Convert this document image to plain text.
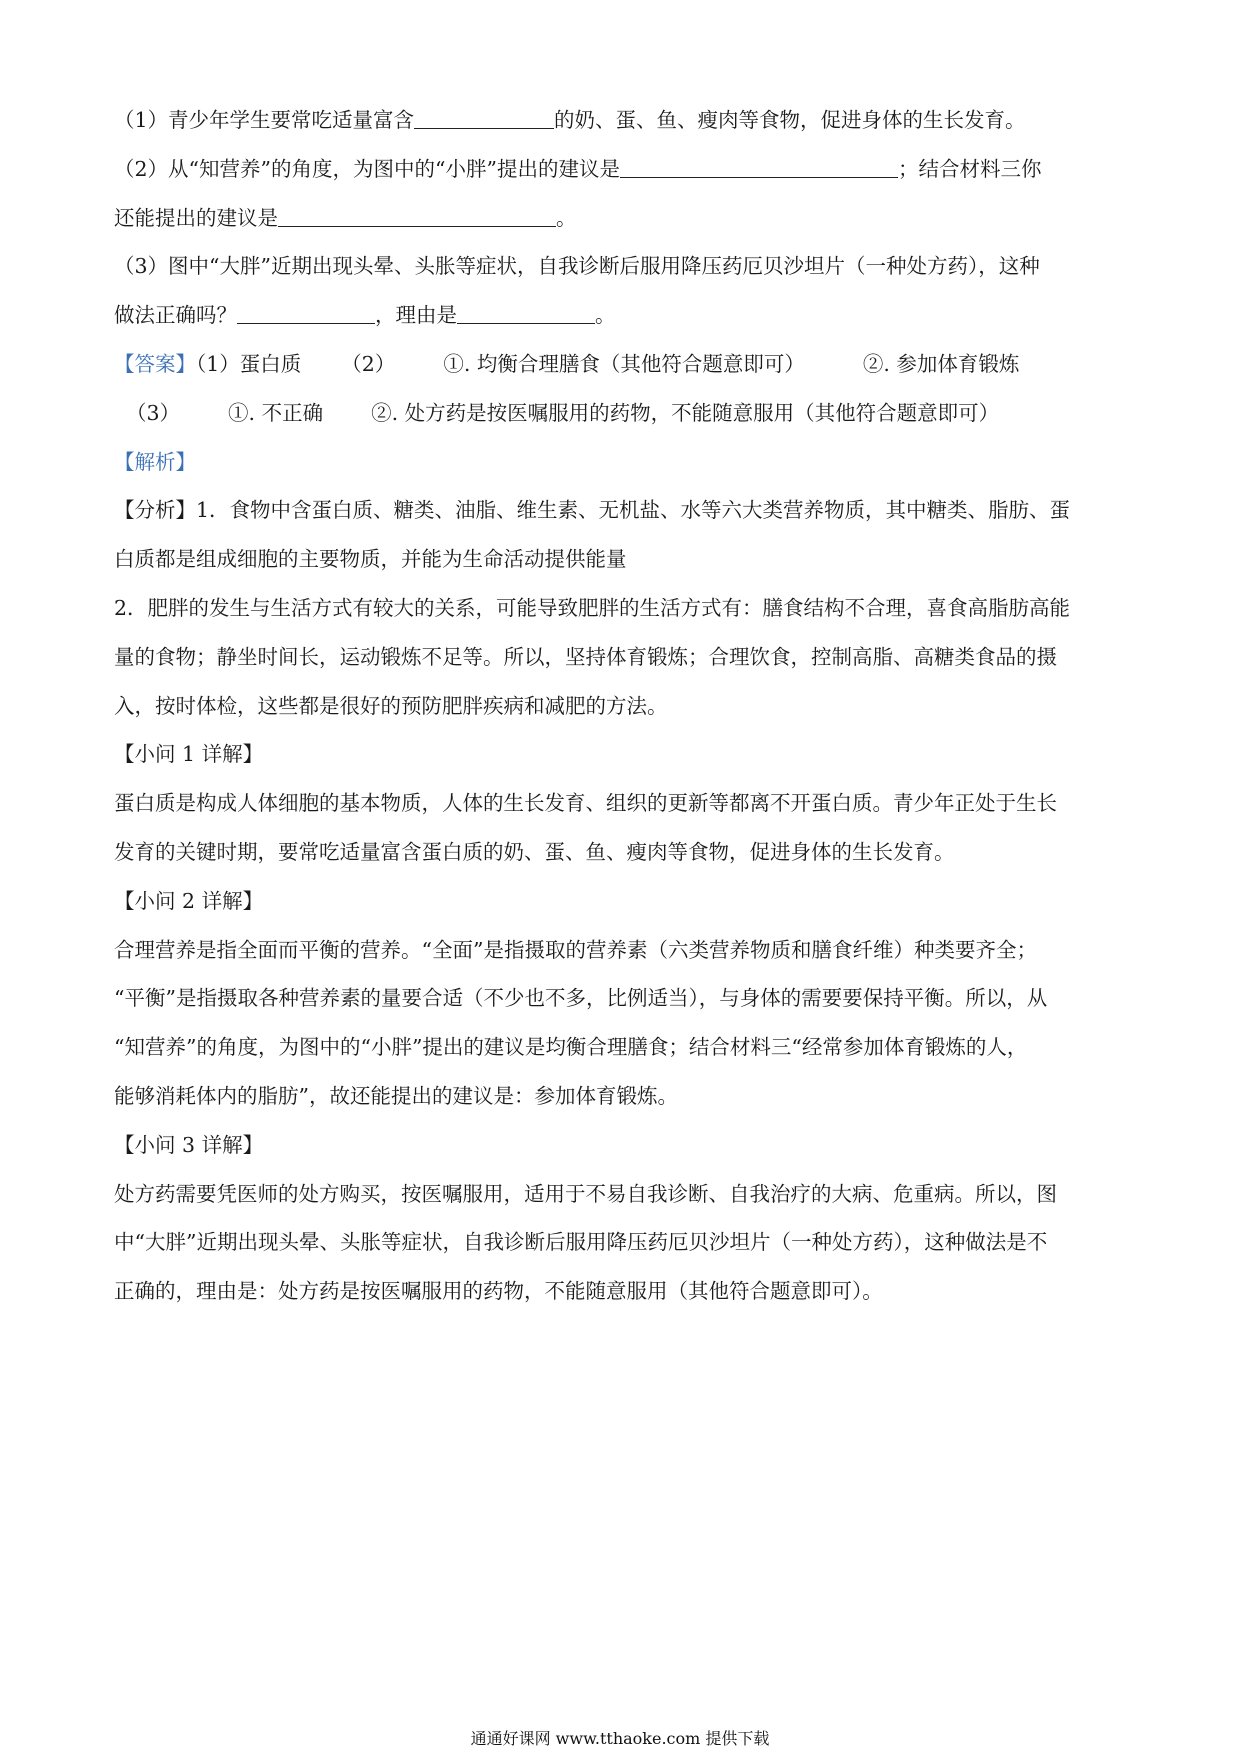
（1）青少年学生要常吃适量富含	的奶、蛋、鱼、瘦肉等食物，促进身体的生长发育。
（2）从“知营养”的角度，为图中的“小胖”提出的建议是	；结合材料三你
还能提出的建议是	。
（3）图中“大胖”近期出现头晕、头胀等症状，自我诊断后服用降压药厄贝沙坦片（一种处方药），这种
做法正确吗？	，理由是	。
【答案】（1）蛋白质 （2） ①. 均衡合理膳食（其他符合题意即可）	②. 参加体育锻炼
（3） ①. 不正确 ②. 处方药是按医嘱服用的药物，不能随意服用（其他符合题意即可）
【解析】
【分析】1．食物中含蛋白质、糖类、油脂、维生素、无机盐、水等六大类营养物质，其中糖类、脂肪、蛋
白质都是组成细胞的主要物质，并能为生命活动提供能量
2．肥胖的发生与生活方式有较大的关系，可能导致肥胖的生活方式有：膳食结构不合理，喜食高脂肪高能
量的食物；静坐时间长，运动锻炼不足等。所以，坚持体育锻炼；合理饮食，控制高脂、高糖类食品的摄
入，按时体检，这些都是很好的预防肥胖疾病和减肥的方法。
【小问 1 详解】
蛋白质是构成人体细胞的基本物质，人体的生长发育、组织的更新等都离不开蛋白质。青少年正处于生长
发育的关键时期，要常吃适量富含蛋白质的奶、蛋、鱼、瘦肉等食物，促进身体的生长发育。
【小问 2 详解】
合理营养是指全面而平衡的营养。“全面”是指摄取的营养素（六类营养物质和膳食纤维）种类要齐全；
“平衡”是指摄取各种营养素的量要合适（不少也不多，比例适当），与身体的需要要保持平衡。所以，从
“知营养”的角度，为图中的“小胖”提出的建议是均衡合理膳食；结合材料三“经常参加体育锻炼的人，
能够消耗体内的脂肪”，故还能提出的建议是：参加体育锻炼。
【小问 3 详解】
处方药需要凭医师的处方购买，按医嘱服用，适用于不易自我诊断、自我治疗的大病、危重病。所以，图
中“大胖”近期出现头晕、头胀等症状，自我诊断后服用降压药厄贝沙坦片（一种处方药），这种做法是不
正确的，理由是：处方药是按医嘱服用的药物，不能随意服用（其他符合题意即可）。
通通好课网 www.tthaoke.com 提供下载
